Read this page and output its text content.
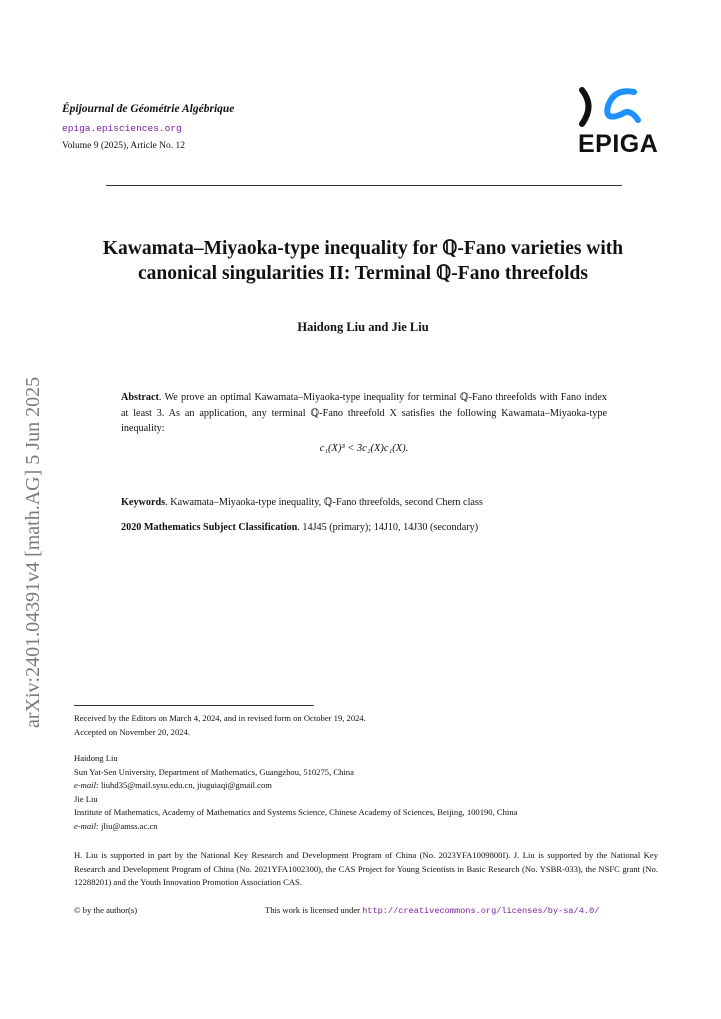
Épijournal de Géométrie Algébrique
epiga.episciences.org
Volume 9 (2025), Article No. 12	EPIGA
Kawamata–Miyaoka-type inequality for ℚ-Fano varieties with
canonical singularities II: Terminal ℚ-Fano threefolds
Haidong Liu and Jie Liu
Abstract. We prove an optimal Kawamata–Miyaoka-type inequality for terminal ℚ-Fano threefolds with Fano index at least 3. As an application, any terminal ℚ-Fano threefold X satisfies the following Kawamata–Miyaoka-type inequality:
c₁(X)³ < 3c₂(X)c₁(X).
Keywords. Kawamata–Miyaoka-type inequality, ℚ-Fano threefolds, second Chern class
2020 Mathematics Subject Classification. 14J45 (primary); 14J10, 14J30 (secondary)
arXiv:2401.04391v4 [math.AG] 5 Jun 2025	Received by the Editors on March 4, 2024, and in revised form on October 19, 2024.
Accepted on November 20, 2024.
Haidong Liu
Sun Yat-Sen University, Department of Mathematics, Guangzhou, 510275, China
e-mail: liuhd35@mail.sysu.edu.cn, jiuguiaqi@gmail.com
Jie Liu
Institute of Mathematics, Academy of Mathematics and Systems Science, Chinese Academy of Sciences, Beijing, 100190, China
e-mail: jliu@amss.ac.cn
H. Liu is supported in part by the National Key Research and Development Program of China (No. 2023YFA1009800I). J. Liu is supported by the National Key Research and Development Program of China (No. 2021YFA1002300), the CAS Project for Young Scientists in Basic Research (No. YSBR-033), the NSFC grant (No. 12288201) and the Youth Innovation Promotion Association CAS.
© by the author(s)	This work is licensed under http://creativecommons.org/licenses/by-sa/4.0/
